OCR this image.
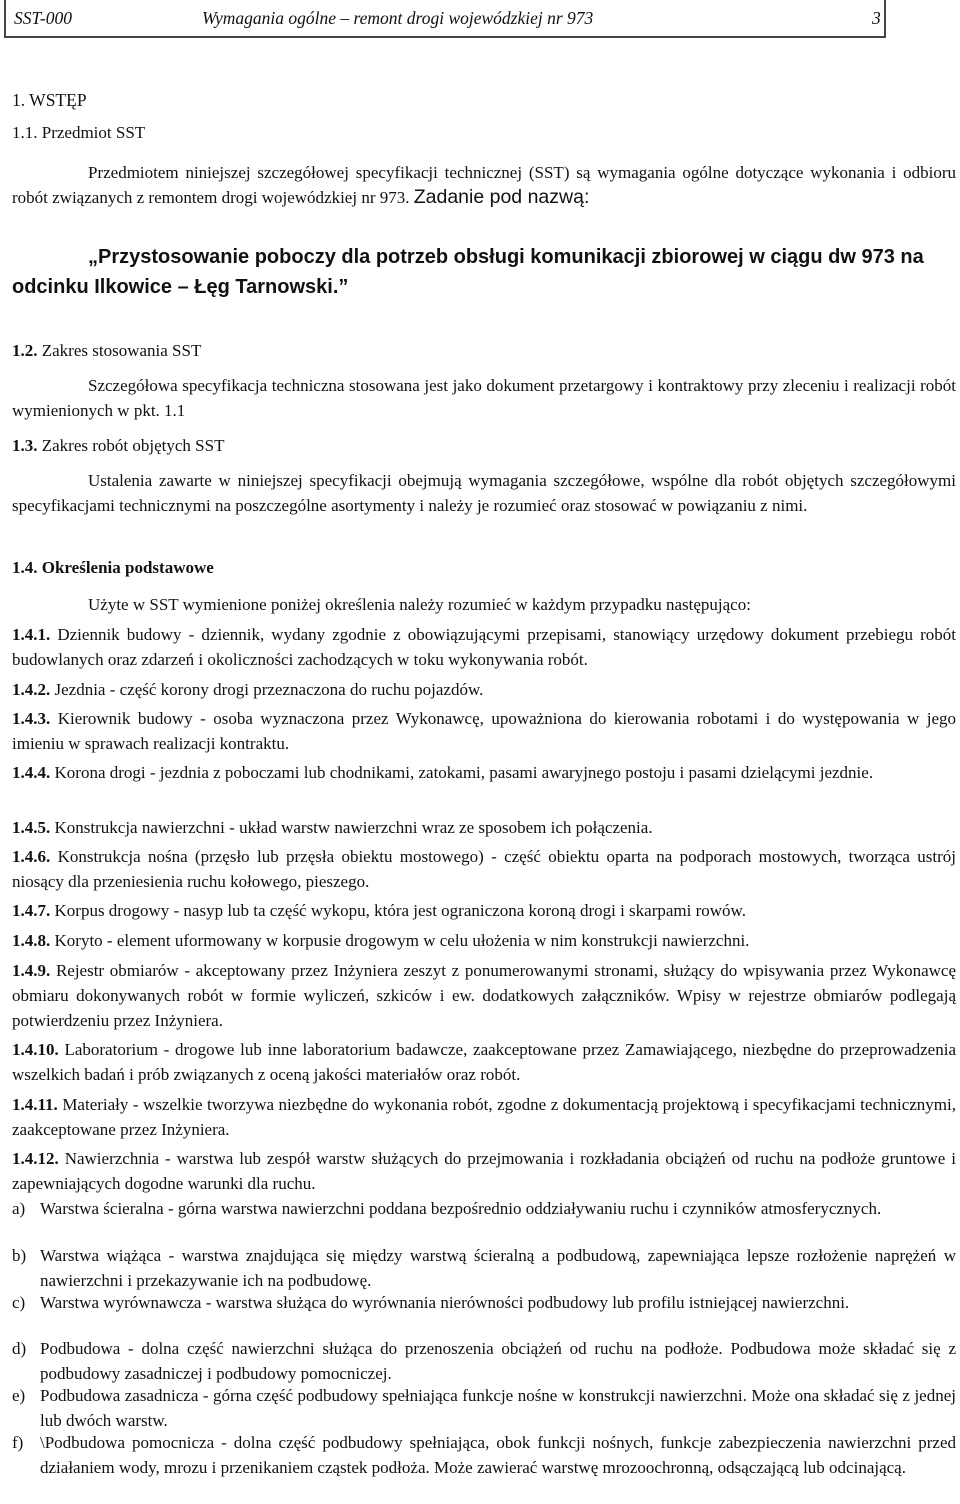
SST-000	Wymagania ogólne – remont drogi wojewódzkiej nr 973	3

1. WSTĘP

1.1. Przedmiot SST

Przedmiotem niniejszej szczegółowej specyfikacji technicznej (SST) są wymagania ogólne dotyczące wykonania i odbioru robót związanych z remontem drogi wojewódzkiej nr 973. Zadanie pod nazwą:

„Przystosowanie poboczy dla potrzeb obsługi komunikacji zbiorowej w ciągu dw 973 na odcinku Ilkowice – Łęg Tarnowski.”

1.2. Zakres stosowania SST

Szczegółowa specyfikacja techniczna stosowana jest jako dokument przetargowy i kontraktowy przy zleceniu i realizacji robót wymienionych w pkt. 1.1

1.3. Zakres robót objętych SST

Ustalenia zawarte w niniejszej specyfikacji obejmują wymagania szczegółowe, wspólne dla robót objętych szczegółowymi specyfikacjami technicznymi na poszczególne asortymenty i należy je rozumieć oraz stosować w powiązaniu z nimi.

1.4. Określenia podstawowe

Użyte w SST wymienione poniżej określenia należy rozumieć w każdym przypadku następująco:

1.4.1. Dziennik budowy - dziennik, wydany zgodnie z obowiązującymi przepisami, stanowiący urzędowy dokument przebiegu robót budowlanych oraz zdarzeń i okoliczności zachodzących w toku wykonywania robót.

1.4.2. Jezdnia - część korony drogi przeznaczona do ruchu pojazdów.

1.4.3. Kierownik budowy - osoba wyznaczona przez Wykonawcę, upoważniona do kierowania robotami i do występowania w jego imieniu w sprawach realizacji kontraktu.

1.4.4. Korona drogi - jezdnia z poboczami lub chodnikami, zatokami, pasami awaryjnego postoju i pasami dzielącymi jezdnie.

1.4.5. Konstrukcja nawierzchni - układ warstw nawierzchni wraz ze sposobem ich połączenia.

1.4.6. Konstrukcja nośna (przęsło lub przęsła obiektu mostowego) - część obiektu oparta na podporach mostowych, tworząca ustrój niosący dla przeniesienia ruchu kołowego, pieszego.

1.4.7. Korpus drogowy - nasyp lub ta część wykopu, która jest ograniczona koroną drogi i skarpami rowów.

1.4.8. Koryto - element uformowany w korpusie drogowym w celu ułożenia w nim konstrukcji nawierzchni.

1.4.9. Rejestr obmiarów - akceptowany przez Inżyniera zeszyt z ponumerowanymi stronami, służący do wpisywania przez Wykonawcę obmiaru dokonywanych robót w formie wyliczeń, szkiców i ew. dodatkowych załączników. Wpisy w rejestrze obmiarów podlegają potwierdzeniu przez Inżyniera.

1.4.10. Laboratorium - drogowe lub inne laboratorium badawcze, zaakceptowane przez Zamawiającego, niezbędne do przeprowadzenia wszelkich badań i prób związanych z oceną jakości materiałów oraz robót.

1.4.11. Materiały - wszelkie tworzywa niezbędne do wykonania robót, zgodne z dokumentacją projektową i specyfikacjami technicznymi, zaakceptowane przez Inżyniera.

1.4.12. Nawierzchnia - warstwa lub zespół warstw służących do przejmowania i rozkładania obciążeń od ruchu na podłoże gruntowe i zapewniających dogodne warunki dla ruchu.

a) Warstwa ścieralna - górna warstwa nawierzchni poddana bezpośrednio oddziaływaniu ruchu i czynników atmosferycznych.
b) Warstwa wiążąca - warstwa znajdująca się między warstwą ścieralną a podbudową, zapewniająca lepsze rozłożenie naprężeń w nawierzchni i przekazywanie ich na podbudowę.
c) Warstwa wyrównawcza - warstwa służąca do wyrównania nierówności podbudowy lub profilu istniejącej nawierzchni.
d) Podbudowa - dolna część nawierzchni służąca do przenoszenia obciążeń od ruchu na podłoże. Podbudowa może składać się z podbudowy zasadniczej i podbudowy pomocniczej.
e) Podbudowa zasadnicza - górna część podbudowy spełniająca funkcje nośne w konstrukcji nawierzchni. Może ona składać się z jednej lub dwóch warstw.
f) \Podbudowa pomocnicza - dolna część podbudowy spełniająca, obok funkcji nośnych, funkcje zabezpieczenia nawierzchni przed działaniem wody, mrozu i przenikaniem cząstek podłoża. Może zawierać warstwę mrozoochronną, odsączającą lub odcinającą.
